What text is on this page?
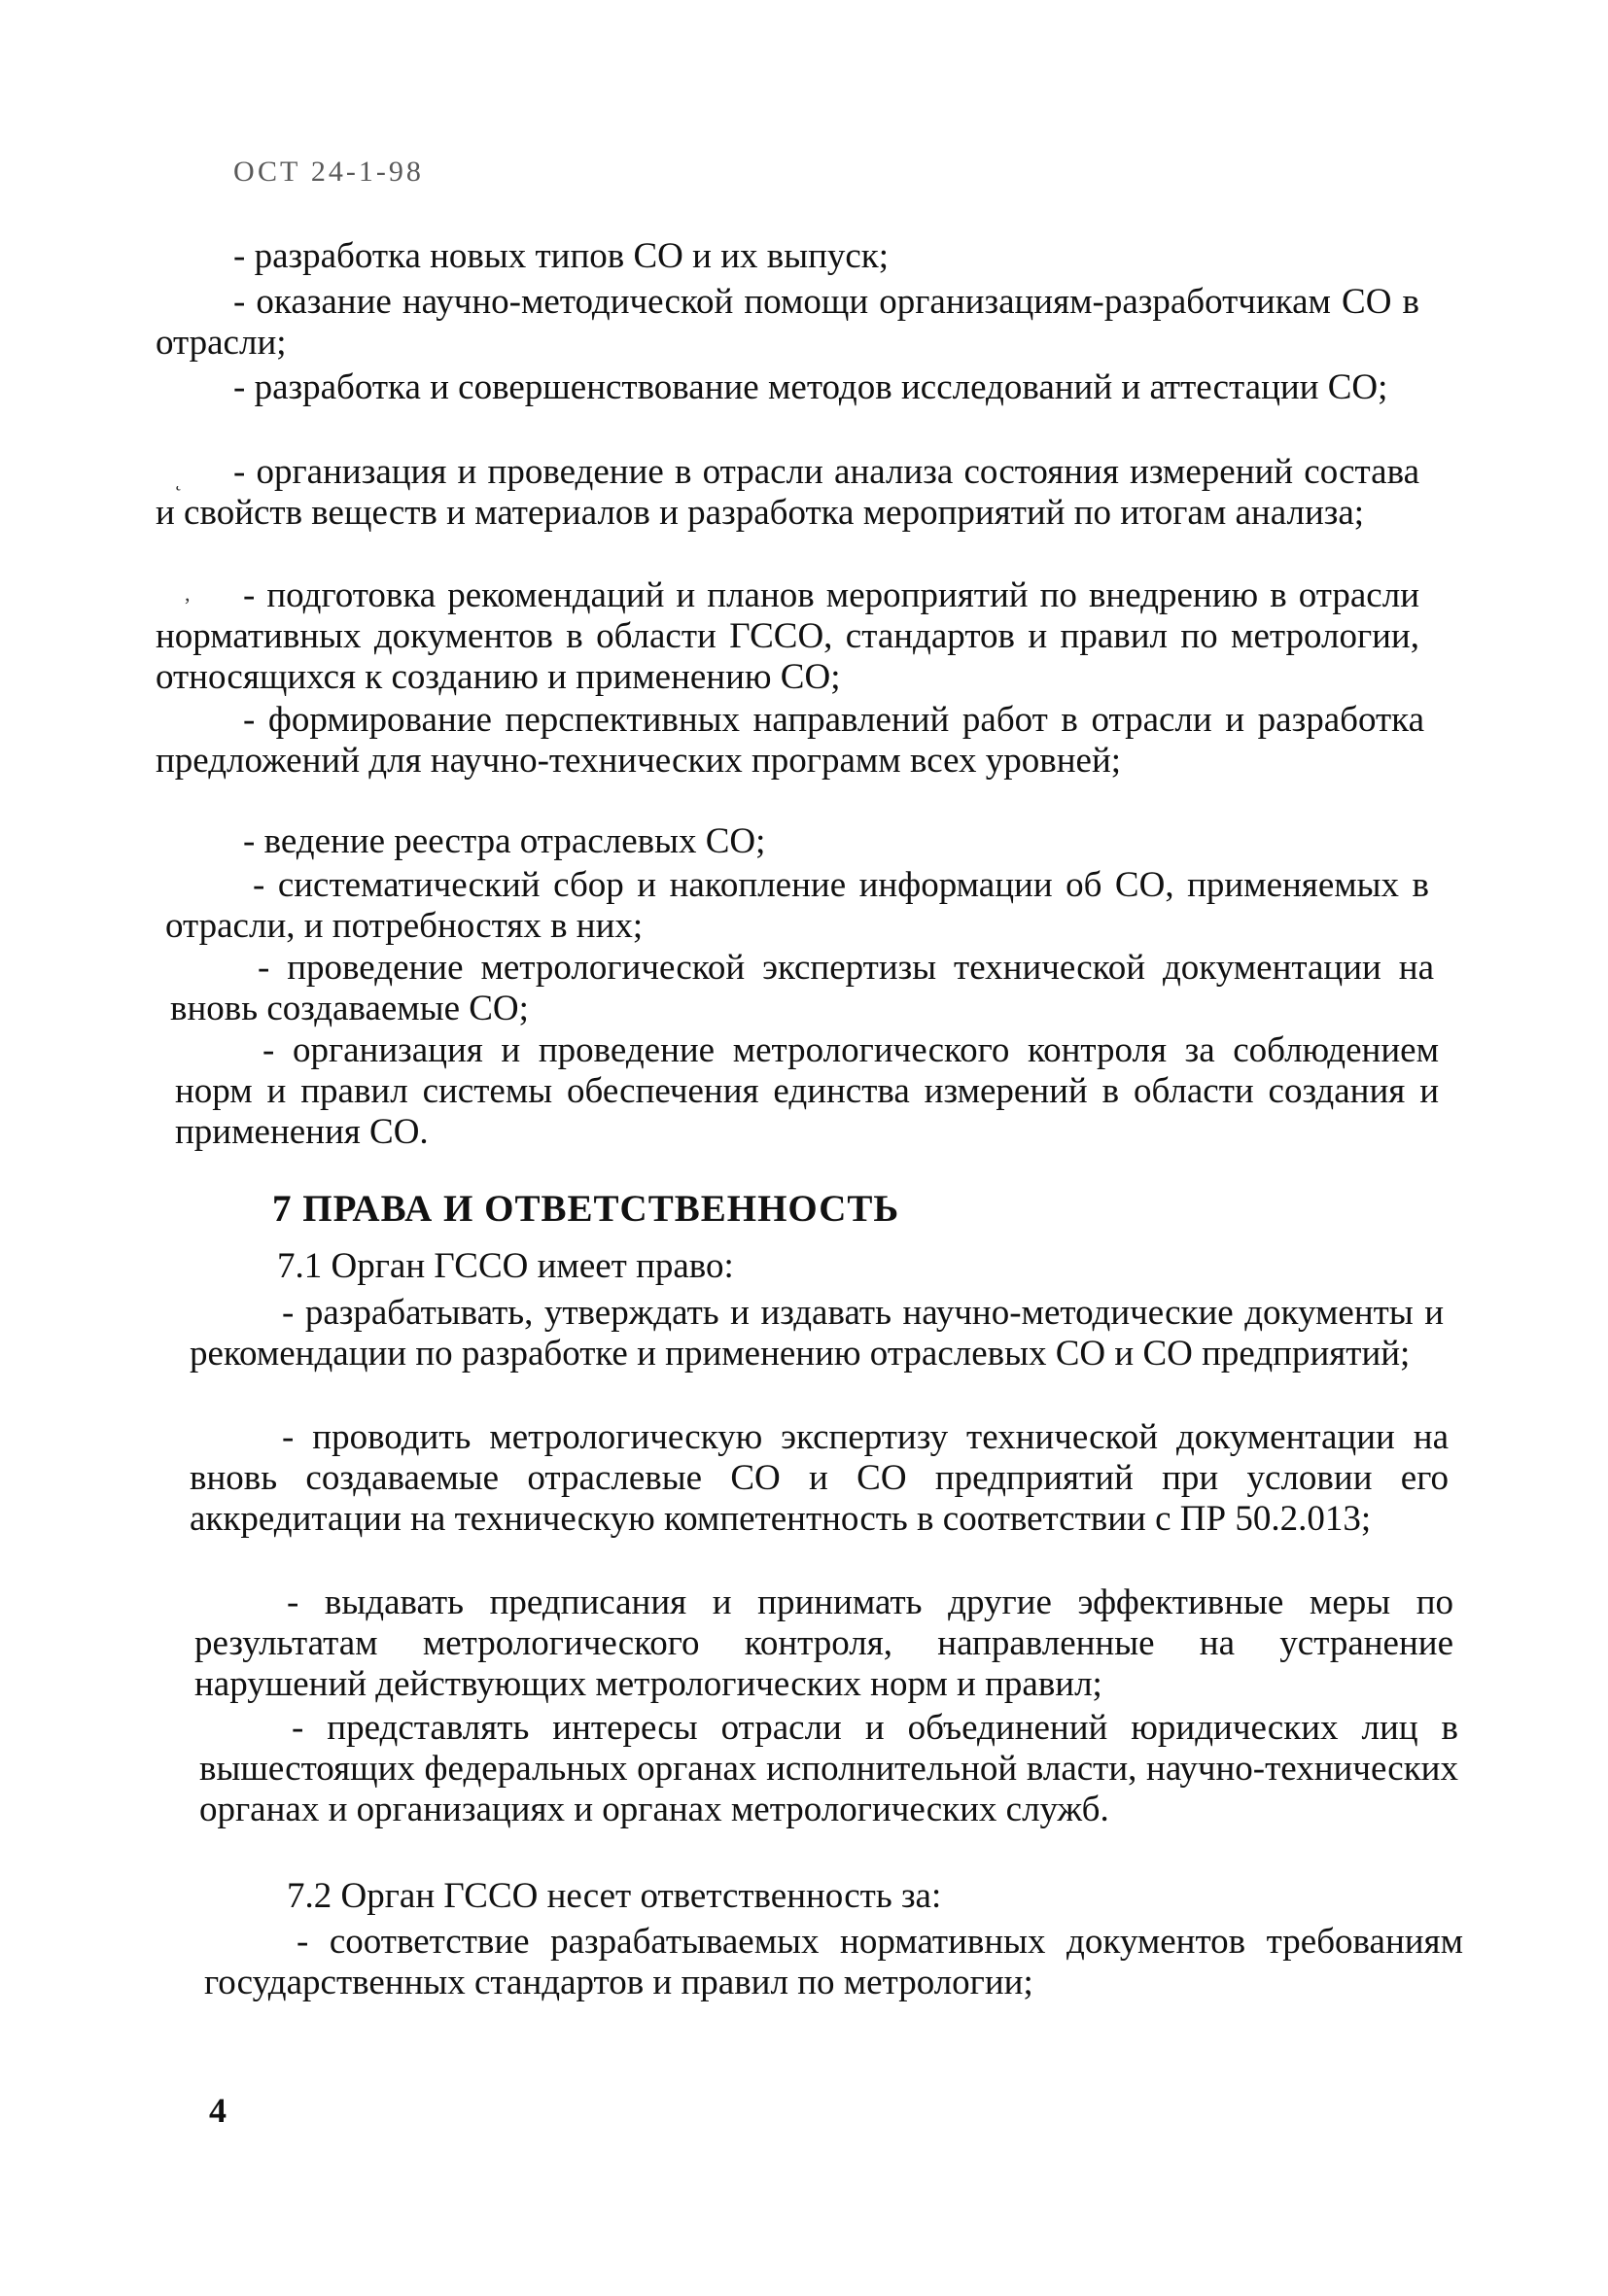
ОСТ 24-1-98
- разработка новых типов СО и их выпуск;
- оказание научно-методической помощи организациям-разработчикам СО в отрасли;
- разработка и совершенствование методов исследований и аттестации СО;
˛	- организация и проведение в отрасли анализа состояния измерений состава и свойств веществ и материалов и разработка мероприятий по итогам анализа;
,	- подготовка рекомендаций и планов мероприятий по внедрению в отрасли нормативных документов в области ГССО, стандартов и правил по метрологии, относящихся к созданию и применению СО;
- формирование перспективных направлений работ в отрасли и разработка предложений для научно-технических программ всех уровней;
- ведение реестра отраслевых СО;
- систематический сбор и накопление информации об СО, применяемых в отрасли, и потребностях в них;
- проведение метрологической экспертизы технической документации на вновь создаваемые СО;
- организация и проведение метрологического контроля за соблюдением норм и правил системы обеспечения единства измерений в области создания и применения СО.
7 ПРАВА И ОТВЕТСТВЕННОСТЬ
7.1 Орган ГССО имеет право:
- разрабатывать, утверждать и издавать научно-методические документы и рекомендации по разработке и применению отраслевых СО и СО предприятий;
- проводить метрологическую экспертизу технической документации на вновь создаваемые отраслевые СО и СО предприятий при условии его аккредитации на техническую компетентность в соответствии с ПР 50.2.013;
- выдавать предписания и принимать другие эффективные меры по результатам метрологического контроля, направленные на устранение нарушений действующих метрологических норм и правил;
- представлять интересы отрасли и объединений юридических лиц в вышестоящих федеральных органах исполнительной власти, научно-технических органах и организациях и органах метрологических служб.
7.2 Орган ГССО несет ответственность за:
- соответствие разрабатываемых нормативных документов требованиям государственных стандартов и правил по метрологии;
4
